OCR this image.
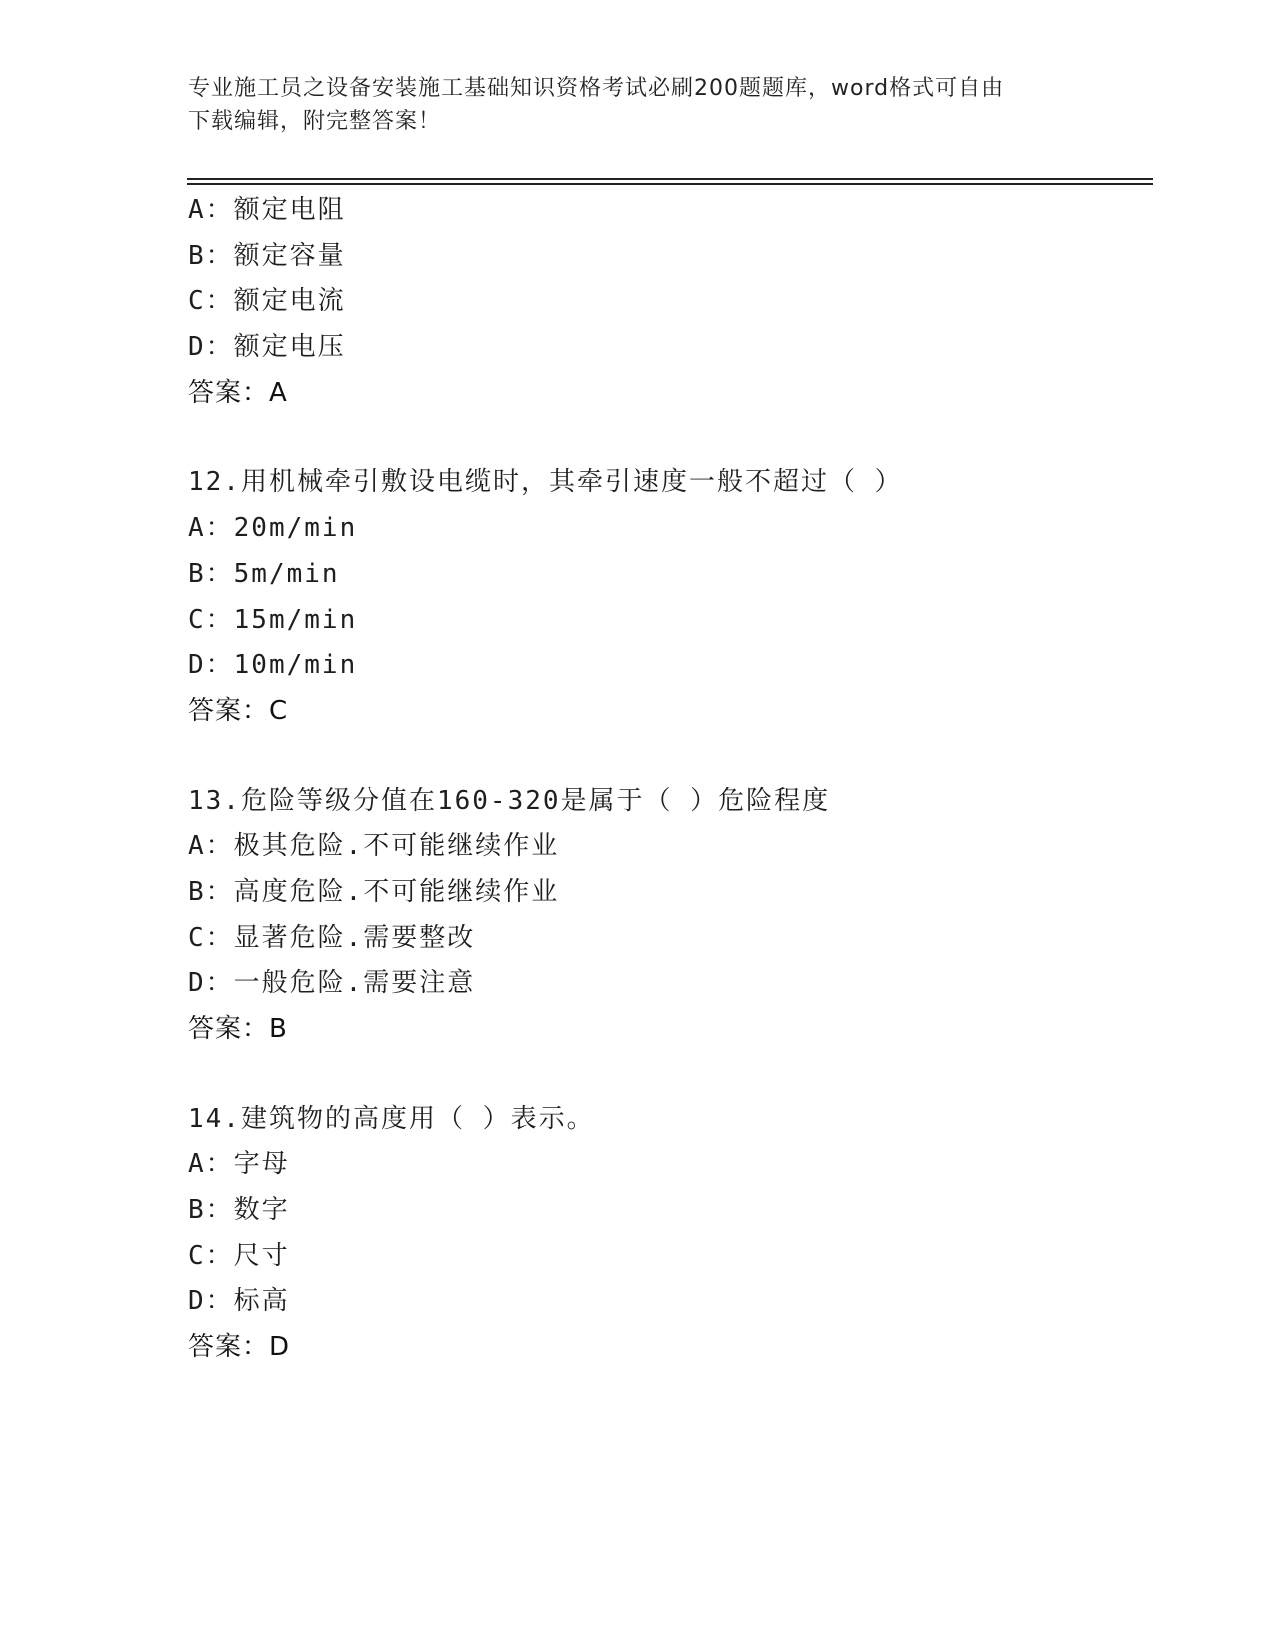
专业施工员之设备安装施工基础知识资格考试必刷200题题库，word格式可自由
下载编辑，附完整答案！
A：额定电阻
B：额定容量
C：额定电流
D：额定电压
答案：A
12.用机械牵引敷设电缆时，其牵引速度一般不超过（ ）
A：20m/min
B：5m/min
C：15m/min
D：10m/min
答案：C
13.危险等级分值在160-320是属于（ ）危险程度
A：极其危险.不可能继续作业
B：高度危险.不可能继续作业
C：显著危险.需要整改
D：一般危险.需要注意
答案：B
14.建筑物的高度用（ ）表示。
A：字母
B：数字
C：尺寸
D：标高
答案：D
